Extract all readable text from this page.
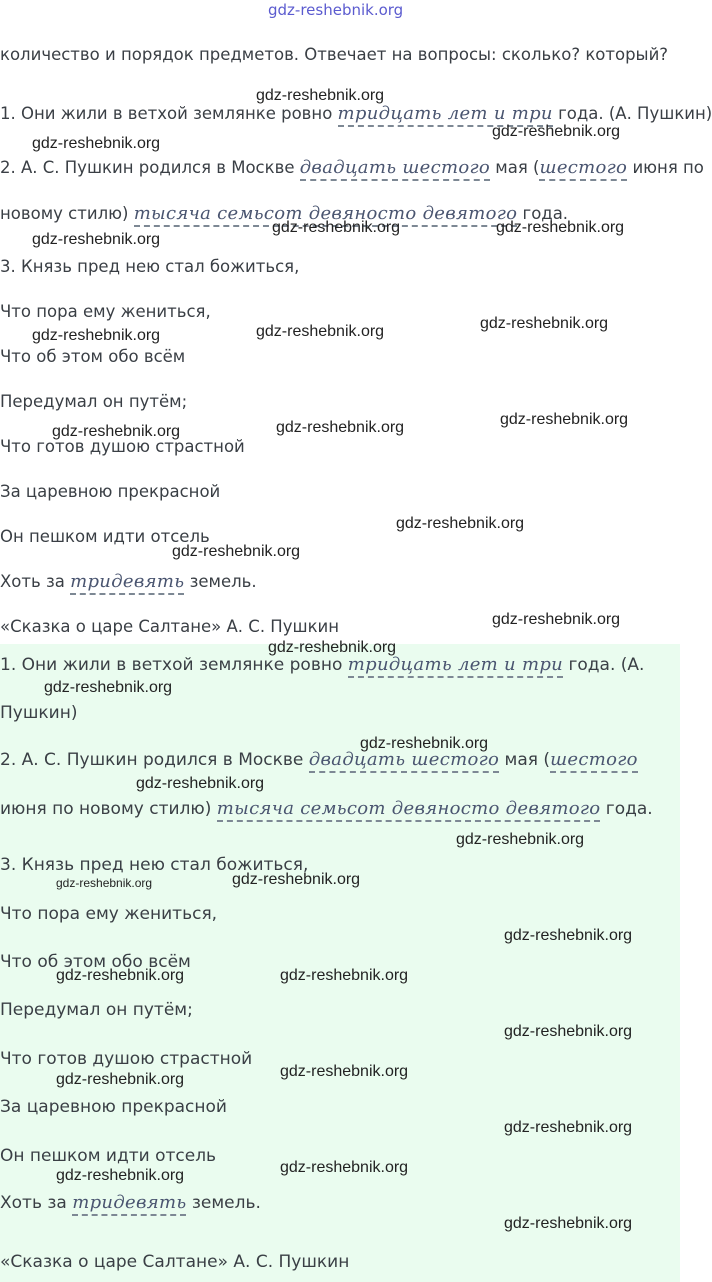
gdz-reshebnik.org
количество и порядок предметов. Отвечает на вопросы: сколько? который?
1. Они жили в ветхой землянке ровно тридцать лет и три года. (А. Пушкин)
2. А. С. Пушкин родился в Москве двадцать шестого мая (шестого июня по
новому стилю) тысяча семьсот девяносто девятого года.
3. Князь пред нею стал божиться,
Что пора ему жениться,
Что об этом обо всём
Передумал он путём;
Что готов душою страстной
За царевною прекрасной
Он пешком идти отсель
Хоть за тридевять земель.
«Сказка о царе Салтане» А. С. Пушкин
1. Они жили в ветхой землянке ровно тридцать лет и три года. (А.
Пушкин)
2. А. С. Пушкин родился в Москве двадцать шестого мая (шестого
июня по новому стилю) тысяча семьсот девяносто девятого года.
3. Князь пред нею стал божиться,
Что пора ему жениться,
Что об этом обо всём
Передумал он путём;
Что готов душою страстной
За царевною прекрасной
Он пешком идти отсель
Хоть за тридевять земель.
«Сказка о царе Салтане» А. С. Пушкин
gdz-reshebnik.org
gdz-reshebnik.org
gdz-reshebnik.org
gdz-reshebnik.org
gdz-reshebnik.org	gdz-reshebnik.org
gdz-reshebnik.org	gdz-reshebnik.org	gdz-reshebnik.org
gdz-reshebnik.org	gdz-reshebnik.org	gdz-reshebnik.org
gdz-reshebnik.org
gdz-reshebnik.org
gdz-reshebnik.org
gdz-reshebnik.org
gdz-reshebnik.org
gdz-reshebnik.org
gdz-reshebnik.org
gdz-reshebnik.org
gdz-reshebnik.org	gdz-reshebnik.org
gdz-reshebnik.org
gdz-reshebnik.org	gdz-reshebnik.org
gdz-reshebnik.org
gdz-reshebnik.org	gdz-reshebnik.org
gdz-reshebnik.org
gdz-reshebnik.org	gdz-reshebnik.org
gdz-reshebnik.org
